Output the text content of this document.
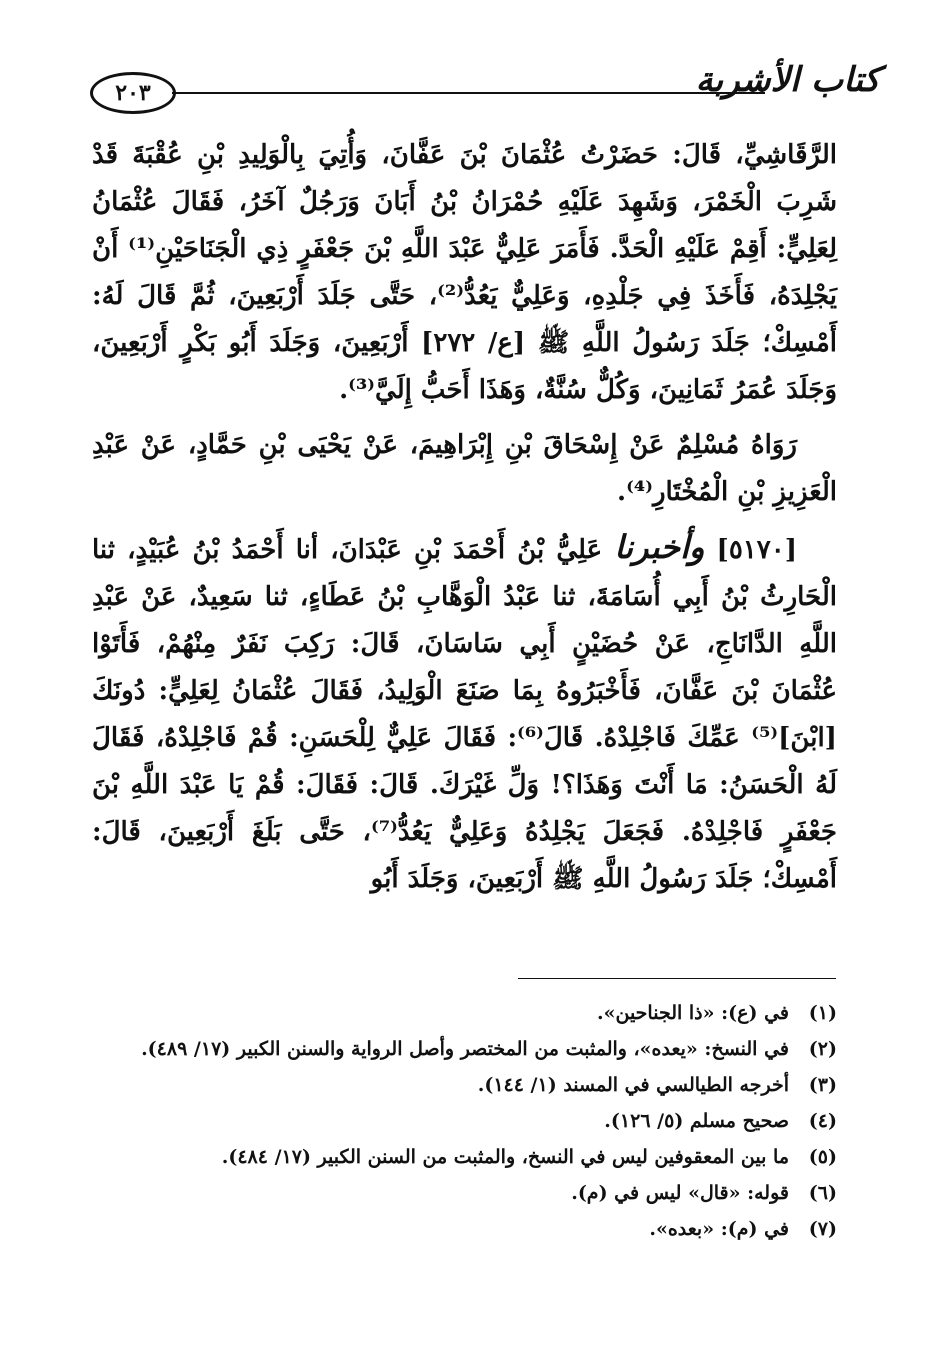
كتاب الأشربة
٢٠٣

الرَّقَاشِيِّ، قَالَ: حَضَرْتُ عُثْمَانَ بْنَ عَفَّانَ، وَأُتِيَ بِالْوَلِيدِ بْنِ عُقْبَةَ قَدْ شَرِبَ الْخَمْرَ، وَشَهِدَ عَلَيْهِ حُمْرَانُ بْنُ أَبَانَ وَرَجُلٌ آخَرُ، فَقَالَ عُثْمَانُ لِعَلِيٍّ: أَقِمْ عَلَيْهِ الْحَدَّ. فَأَمَرَ عَلِيٌّ عَبْدَ اللَّهِ بْنَ جَعْفَرٍ ذِي الْجَنَاحَيْنِ⁽¹⁾ أَنْ يَجْلِدَهُ، فَأَخَذَ فِي جَلْدِهِ، وَعَلِيٌّ يَعُدُّ⁽²⁾، حَتَّى جَلَدَ أَرْبَعِينَ، ثُمَّ قَالَ لَهُ: أَمْسِكْ؛ جَلَدَ رَسُولُ اللَّهِ ﷺ [ع/ ٢٧٢] أَرْبَعِينَ، وَجَلَدَ أَبُو بَكْرٍ أَرْبَعِينَ، وَجَلَدَ عُمَرُ ثَمَانِينَ، وَكُلٌّ سُنَّةٌ، وَهَذَا أَحَبُّ إِلَيَّ⁽³⁾.

رَوَاهُ مُسْلِمٌ عَنْ إِسْحَاقَ بْنِ إِبْرَاهِيمَ، عَنْ يَحْيَى بْنِ حَمَّادٍ، عَنْ عَبْدِ الْعَزِيزِ بْنِ الْمُخْتَارِ⁽⁴⁾.

[٥١٧٠] وأخبرنا عَلِيُّ بْنُ أَحْمَدَ بْنِ عَبْدَانَ، أنا أَحْمَدُ بْنُ عُبَيْدٍ، ثنا الْحَارِثُ بْنُ أَبِي أُسَامَةَ، ثنا عَبْدُ الْوَهَّابِ بْنُ عَطَاءٍ، ثنا سَعِيدٌ، عَنْ عَبْدِ اللَّهِ الدَّانَاجِ، عَنْ حُضَيْنٍ أَبِي سَاسَانَ، قَالَ: رَكِبَ نَفَرٌ مِنْهُمْ، فَأَتَوْا عُثْمَانَ بْنَ عَفَّانَ، فَأَخْبَرُوهُ بِمَا صَنَعَ الْوَلِيدُ، فَقَالَ عُثْمَانُ لِعَلِيٍّ: دُونَكَ [ابْنَ]⁽⁵⁾ عَمِّكَ فَاجْلِدْهُ. قَالَ⁽⁶⁾: فَقَالَ عَلِيٌّ لِلْحَسَنِ: قُمْ فَاجْلِدْهُ، فَقَالَ لَهُ الْحَسَنُ: مَا أَنْتَ وَهَذَا؟! وَلِّ غَيْرَكَ. قَالَ: فَقَالَ: قُمْ يَا عَبْدَ اللَّهِ بْنَ جَعْفَرٍ فَاجْلِدْهُ. فَجَعَلَ يَجْلِدُهُ وَعَلِيٌّ يَعُدُّ⁽⁷⁾، حَتَّى بَلَغَ أَرْبَعِينَ، قَالَ: أَمْسِكْ؛ جَلَدَ رَسُولُ اللَّهِ ﷺ أَرْبَعِينَ، وَجَلَدَ أَبُو

(١)
في (ع): «ذا الجناحين».
(٢)
في النسخ: «يعده»، والمثبت من المختصر وأصل الرواية والسنن الكبير (١٧/ ٤٨٩).
(٣)
أخرجه الطيالسي في المسند (١/ ١٤٤).
(٤)
صحيح مسلم (٥/ ١٢٦).
(٥)
ما بين المعقوفين ليس في النسخ، والمثبت من السنن الكبير (١٧/ ٤٨٤).
(٦)
قوله: «قال» ليس في (م).
(٧)
في (م): «بعده».
